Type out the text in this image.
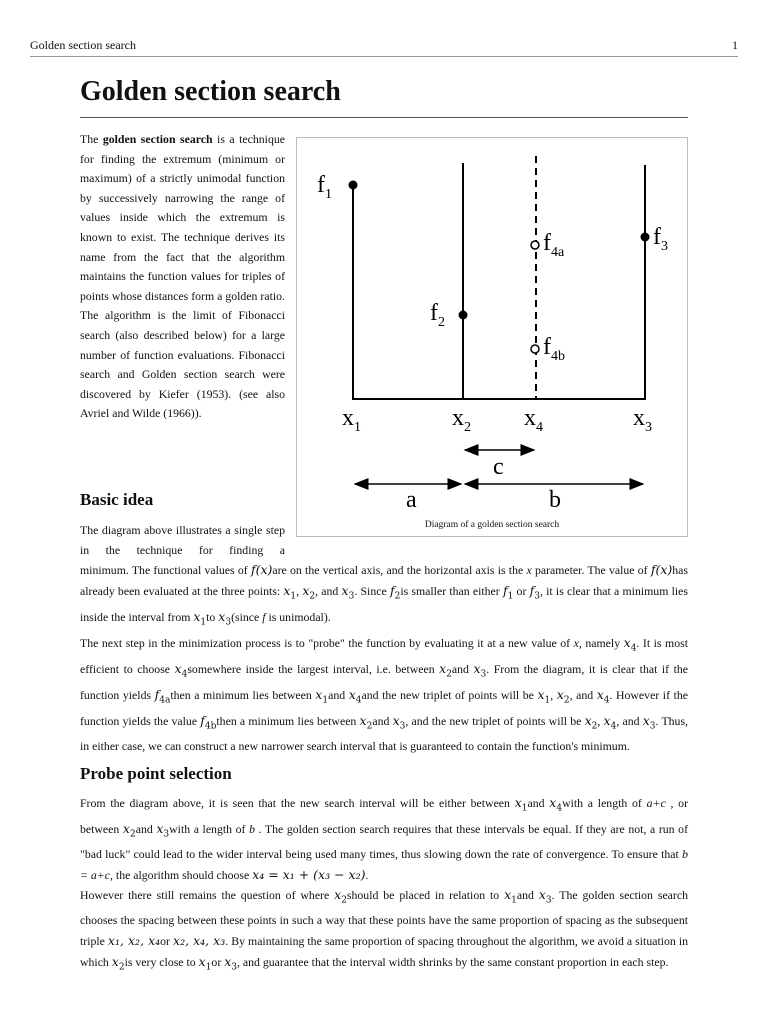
Golden section search	1
Golden section search
The golden section search is a technique for finding the extremum (minimum or maximum) of a strictly unimodal function by successively narrowing the range of values inside which the extremum is known to exist. The technique derives its name from the fact that the algorithm maintains the function values for triples of points whose distances form a golden ratio. The algorithm is the limit of Fibonacci search (also described below) for a large number of function evaluations. Fibonacci search and Golden section search were discovered by Kiefer (1953). (see also Avriel and Wilde (1966)).
$f_1$
$f_2$
$f_3$
$f_{4a}$
$f_{4b}$
$x_1$	$x_2$ $x_4$	$x_3$
c
a	b
Diagram of a golden section search
Basic idea
The diagram above illustrates a single step in the technique for finding a
minimum. The functional values of f(x)are on the vertical axis, and the horizontal axis is the x parameter. The value of f(x)has already been evaluated at the three points: $x_1$, $x_2$, and $x_3$. Since $f_2is$ smaller than either $f_1$ or $f_3$, it is clear that a minimum lies inside the interval from $x_1to$ $x_3(since$ f is unimodal).
The next step in the minimization process is to "probe" the function by evaluating it at a new value of x, namely $x_4$. It is most efficient to choose $x_4somewhere$ inside the largest interval, i.e. between $x_2and$ $x_3$. From the diagram, it is clear that if the function yields $f_{4a}then$ a minimum lies between $x_1and$ $x_4and$ the new triplet of points will be $x_1$, $x_2$, and $x_4$. However if the function yields the value $f_{4b}then$ a minimum lies between $x_2and$ $x_3$, and the new triplet of points will be $x_2$, $x_4$, and $x_3$. Thus, in either case, we can construct a new narrower search interval that is guaranteed to contain the function's minimum.
Probe point selection
From the diagram above, it is seen that the new search interval will be either between $x_1and$ $x_4with$ a length of a+c , or between $x_2and$ $x_3with$ a length of b . The golden section search requires that these intervals be equal. If they are not, a run of "bad luck" could lead to the wider interval being used many times, thus slowing down the rate of convergence. To ensure that b = a+c, the algorithm should choose x₄ = x₁ + (x₃ − x₂).
However there still remains the question of where $x_2should$ be placed in relation to $x_1and$ $x_3$. The golden section search chooses the spacing between these points in such a way that these points have the same proportion of spacing as the subsequent triple x₁, x₂, x₄or x₂, x₄, x₃. By maintaining the same proportion of spacing throughout the algorithm, we avoid a situation in which $x_2is$ very close to $x_1or$ $x_3$, and guarantee that the interval width shrinks by the same constant proportion in each step.
